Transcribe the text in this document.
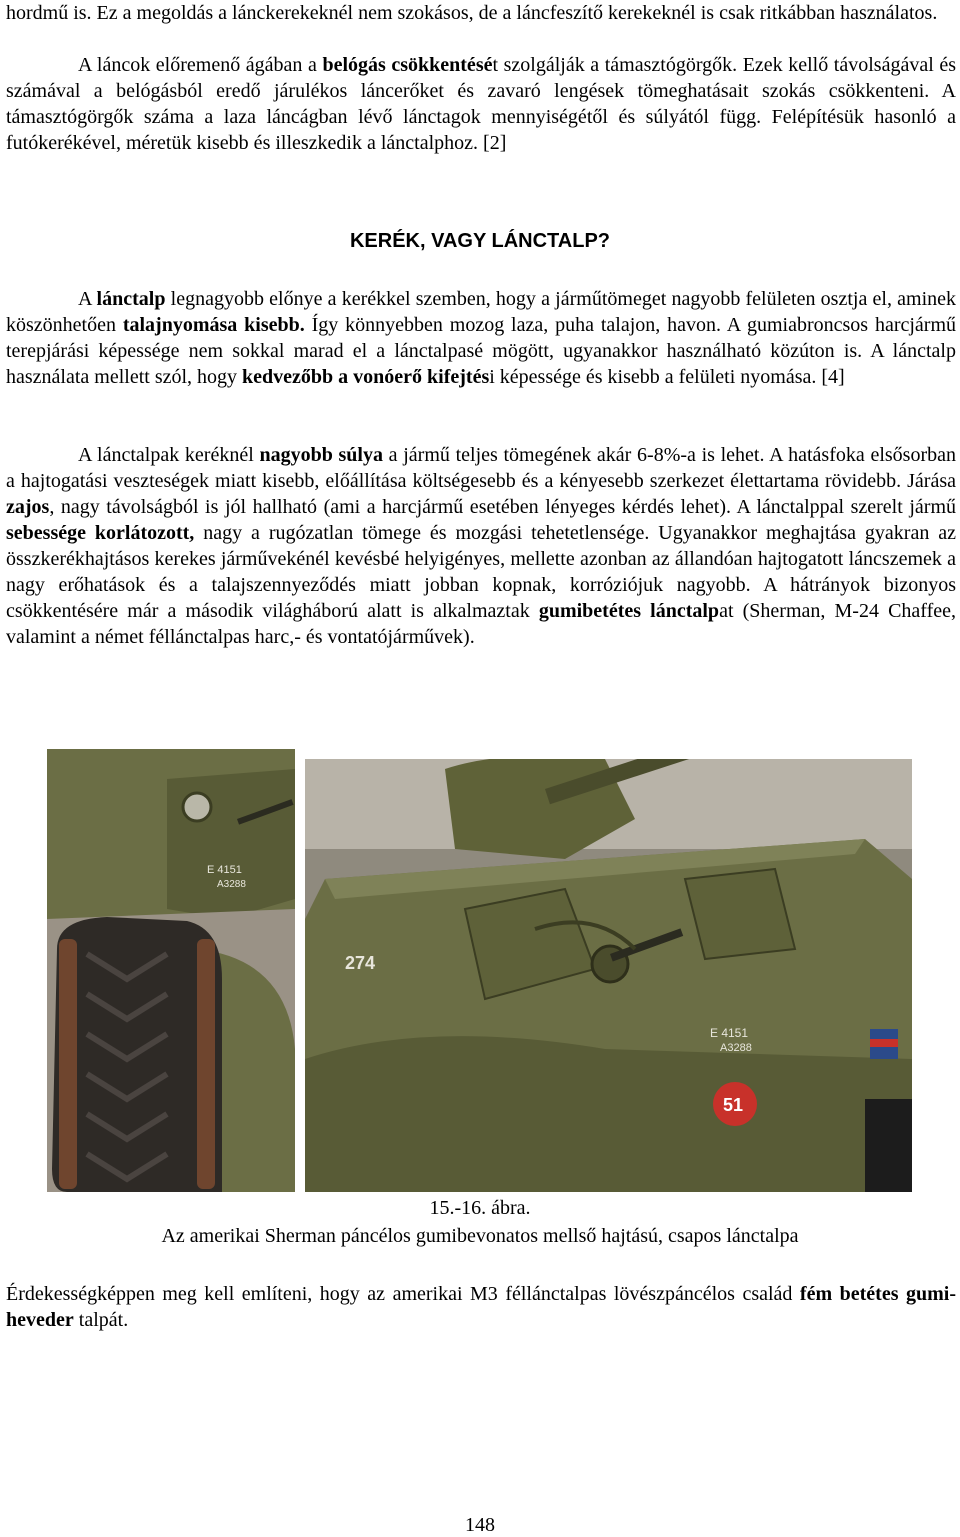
hordmű is. Ez a megoldás a lánckerekeknél nem szokásos, de a láncfeszítő kerekeknél is csak ritkábban használatos.

A láncok előremenő ágában a belógás csökkentését szolgálják a támasztógörgők. Ezek kellő távolságával és számával a belógásból eredő járulékos láncerőket és zavaró lengések tömeghatásait szokás csökkenteni. A támasztógörgők száma a laza láncágban lévő lánctagok mennyiségétől és súlyától függ. Felépítésük hasonló a futókerékével, méretük kisebb és illeszkedik a lánctalphoz. [2]

KERÉK, VAGY LÁNCTALP?

A lánctalp legnagyobb előnye a kerékkel szemben, hogy a járműtömeget nagyobb felületen osztja el, aminek köszönhetően talajnyomása kisebb. Így könnyebben mozog laza, puha talajon, havon. A gumiabroncsos harcjármű terepjárási képessége nem sokkal marad el a lánctalpasé mögött, ugyanakkor használható közúton is. A lánctalp használata mellett szól, hogy kedvezőbb a vonóerő kifejtési képessége és kisebb a felületi nyomása. [4]

A lánctalpak keréknél nagyobb súlya a jármű teljes tömegének akár 6-8%-a is lehet. A hatásfoka elsősorban a hajtogatási veszteségek miatt kisebb, előállítása költségesebb és a kényesebb szerkezet élettartama rövidebb. Járása zajos, nagy távolságból is jól hallható (ami a harcjármű esetében lényeges kérdés lehet). A lánctalppal szerelt jármű sebessége korlátozott, nagy a rugózatlan tömege és mozgási tehetetlensége. Ugyanakkor meghajtása gyakran az összkerékhajtásos kerekes járművekénél kevésbé helyigényes, mellette azonban az állandóan hajtogatott láncszemek a nagy erőhatások és a talajszennyeződés miatt jobban kopnak, korróziójuk nagyobb. A hátrányok bizonyos csökkentésére már a második világháború alatt is alkalmaztak gumibetétes lánctalpat (Sherman, M-24 Chaffee, valamint a német féllánctalpas harc,- és vontatójárművek).

E 4151
A3288
E 4151
A3288
274
51
15.-16. ábra.
Az amerikai Sherman páncélos gumibevonatos mellső hajtású, csapos lánctalpa

Érdekességképpen meg kell említeni, hogy az amerikai M3 féllánctalpas lövészpáncélos család fém betétes gumi-heveder talpát.

148
